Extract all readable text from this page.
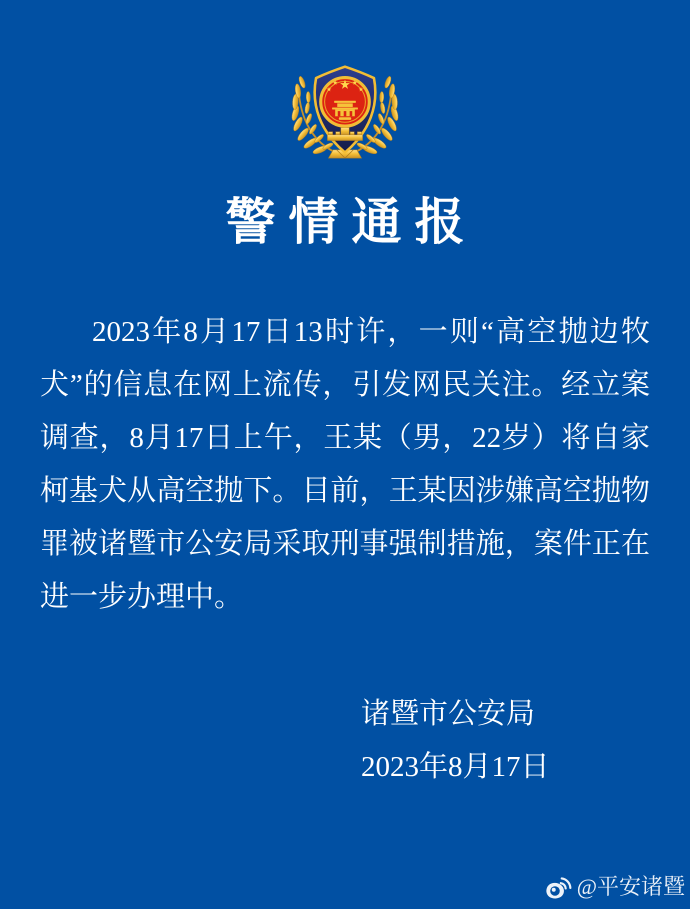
警情通报
2023年8月17日13时许，一则“高空抛边牧
犬”的信息在网上流传，引发网民关注。经立案
调查，8月17日上午，王某（男，22岁）将自家
柯基犬从高空抛下。目前，王某因涉嫌高空抛物
罪被诸暨市公安局采取刑事强制措施，案件正在
进一步办理中。
诸暨市公安局
2023年8月17日
@平安诸暨
